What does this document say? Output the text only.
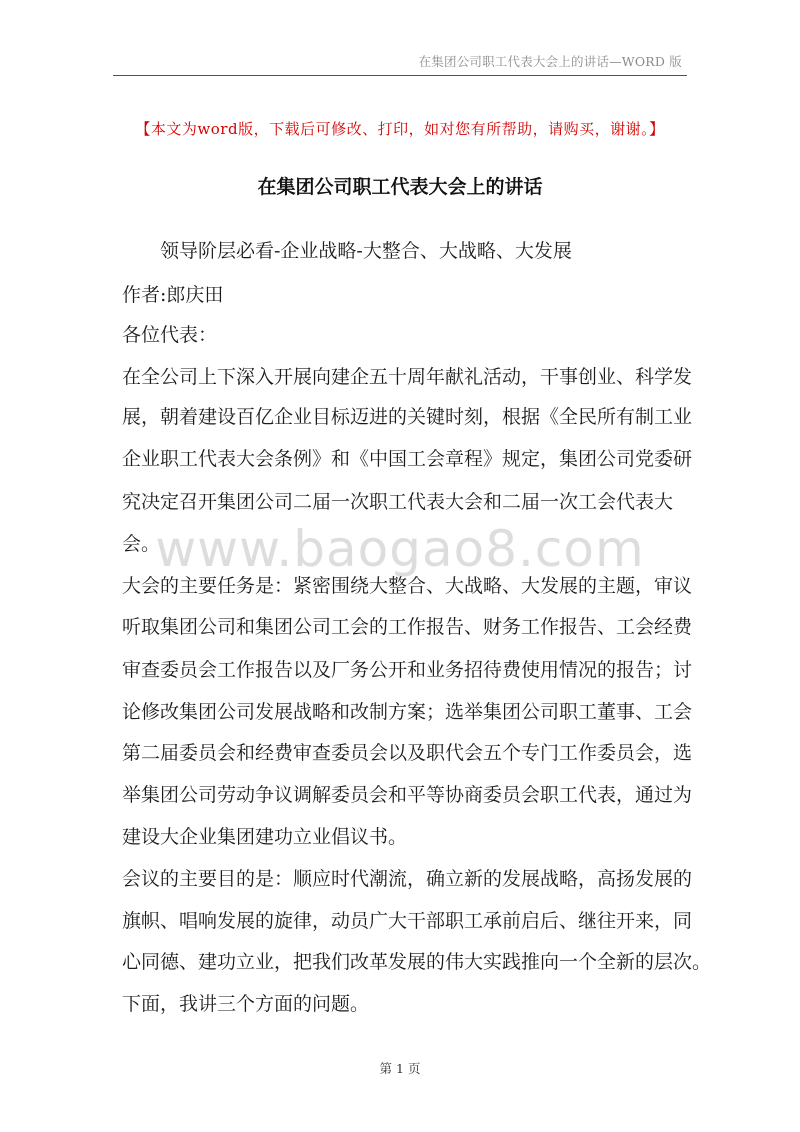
在集团公司职工代表大会上的讲话—WORD 版
【本文为word版，下载后可修改、打印，如对您有所帮助，请购买，谢谢。】
在集团公司职工代表大会上的讲话
领导阶层必看-企业战略-大整合、大战略、大发展
作者:郎庆田
各位代表：
在全公司上下深入开展向建企五十周年献礼活动，干事创业、科学发
展，朝着建设百亿企业目标迈进的关键时刻，根据《全民所有制工业
企业职工代表大会条例》和《中国工会章程》规定，集团公司党委研
究决定召开集团公司二届一次职工代表大会和二届一次工会代表大
会。
大会的主要任务是：紧密围绕大整合、大战略、大发展的主题，审议
听取集团公司和集团公司工会的工作报告、财务工作报告、工会经费
审查委员会工作报告以及厂务公开和业务招待费使用情况的报告；讨
论修改集团公司发展战略和改制方案；选举集团公司职工董事、工会
第二届委员会和经费审查委员会以及职代会五个专门工作委员会，选
举集团公司劳动争议调解委员会和平等协商委员会职工代表，通过为
建设大企业集团建功立业倡议书。
会议的主要目的是：顺应时代潮流，确立新的发展战略，高扬发展的
旗帜、唱响发展的旋律，动员广大干部职工承前启后、继往开来，同
心同德、建功立业，把我们改革发展的伟大实践推向一个全新的层次。
下面，我讲三个方面的问题。
www.baogao8.com
第 1 页
